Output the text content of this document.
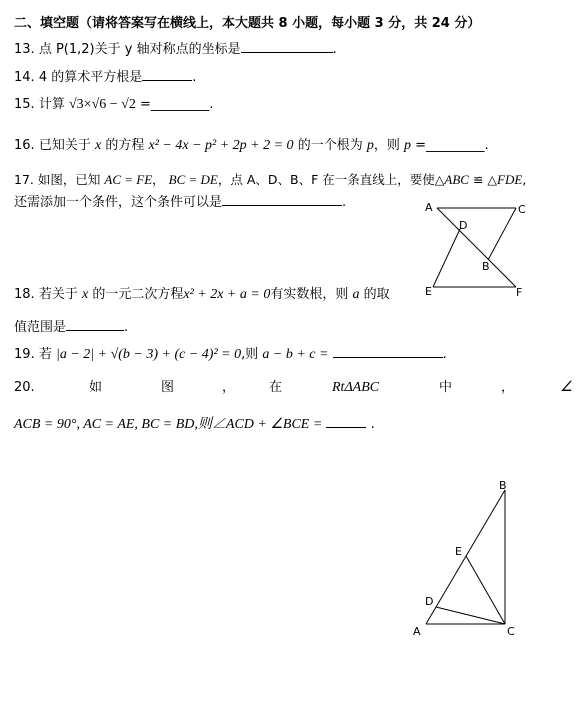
二、填空题（请将答案写在横线上，本大题共 8 小题，每小题 3 分，共 24 分）
13. 点 P(1,2)关于 y 轴对称点的坐标是	.
14. 4 的算术平方根是	.
15. 计算 √3×√6 − √2 =_________.
16. 已知关于 x 的方程 x² − 4x − p² + 2p + 2 = 0 的一个根为 p，则 p =_________.
17. 如图，已知 AC = FE， BC = DE，点 A、D、B、F 在一条直线上，要使△ABC ≌ △FDE,
还需添加一个条件，这个条件可以是	.	A	C
D
B
E	F
18. 若关于 x 的一元二次方程x² + 2x + a = 0有实数根，则 a 的取
值范围是	.
19. 若 |a − 2| + √(b − 3) + (c − 4)² = 0,则 a − b + c =	.
20.	如	图	，	在	RtΔABC	中	，	∠
ACB = 90°, AC = AE, BC = BD,则∠ACD + ∠BCE =	.
B
E
D
A	C
